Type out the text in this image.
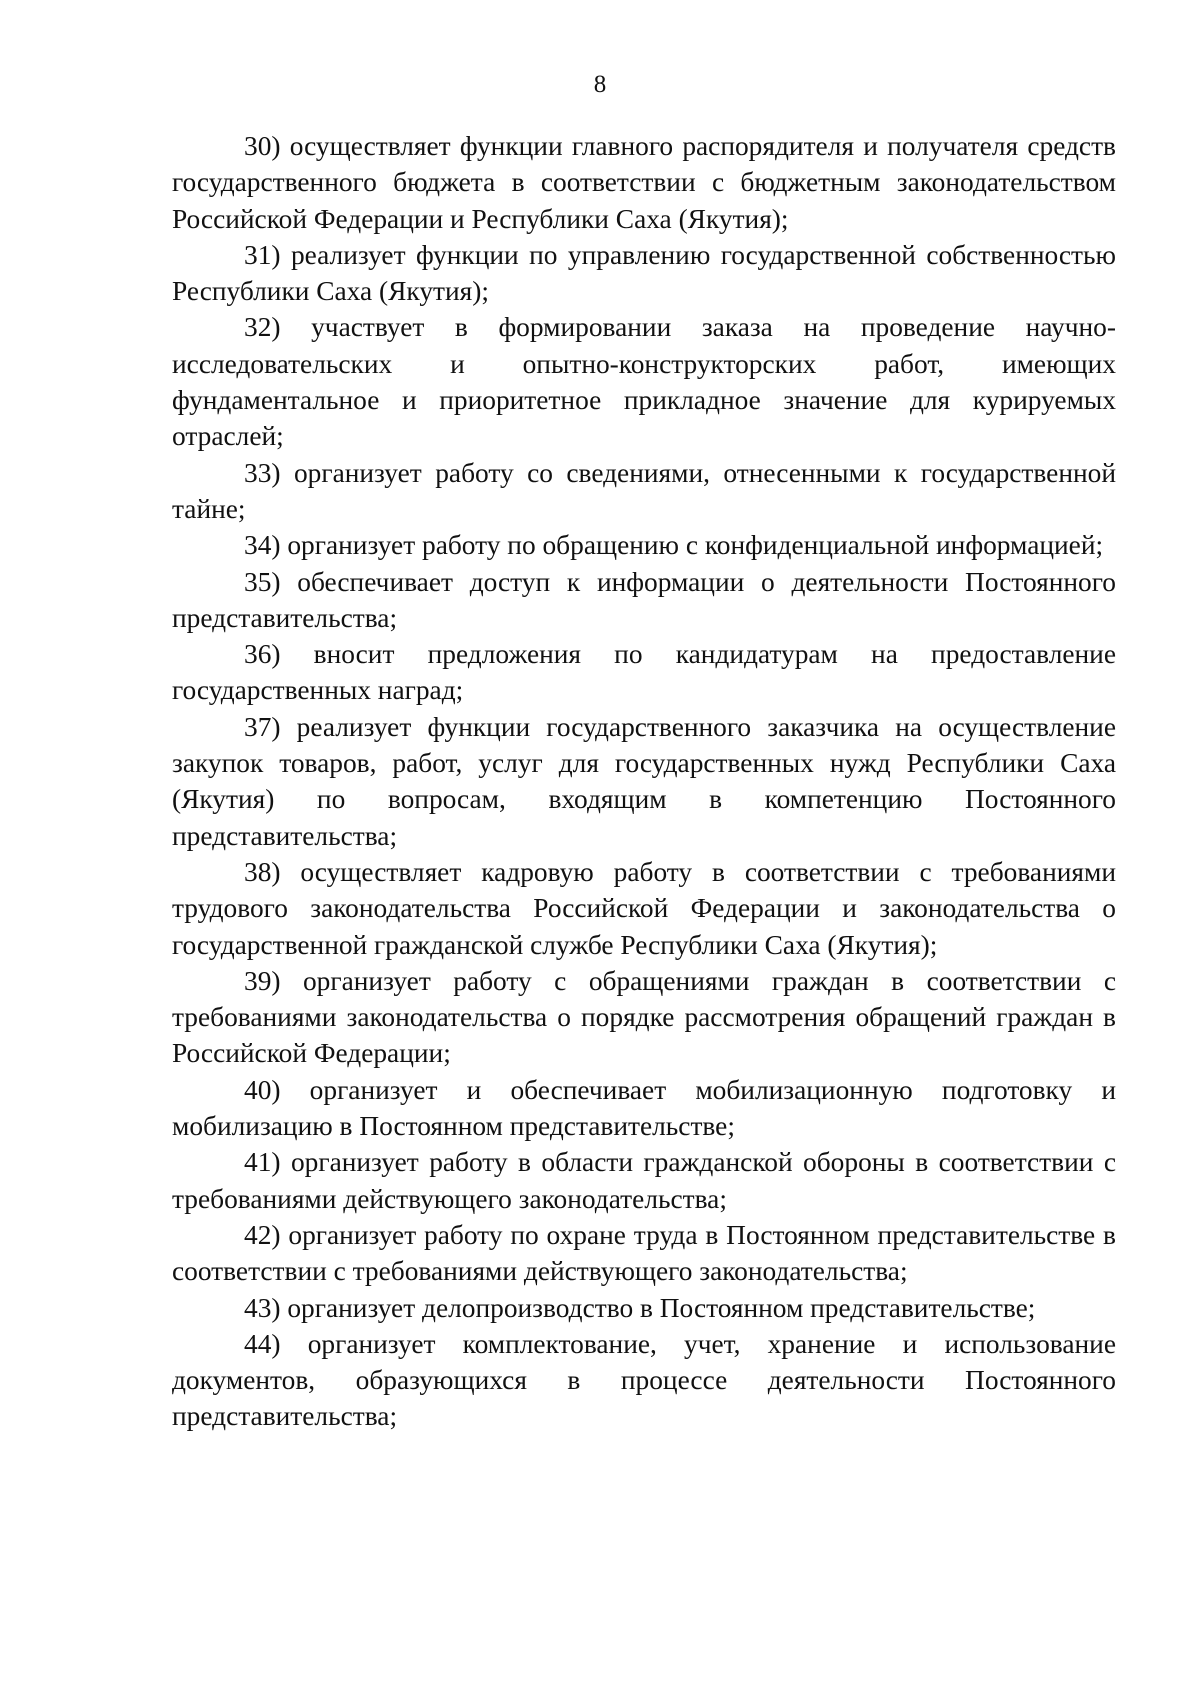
8

30) осуществляет функции главного распорядителя и получателя средств государственного бюджета в соответствии с бюджетным законодательством Российской Федерации и Республики Саха (Якутия);

31) реализует функции по управлению государственной собственностью Республики Саха (Якутия);

32) участвует в формировании заказа на проведение научно-исследовательских и опытно-конструкторских работ, имеющих фундаментальное и приоритетное прикладное значение для курируемых отраслей;

33) организует работу со сведениями, отнесенными к государственной тайне;

34) организует работу по обращению с конфиденциальной информацией;

35) обеспечивает доступ к информации о деятельности Постоянного представительства;

36) вносит предложения по кандидатурам на предоставление государственных наград;

37) реализует функции государственного заказчика на осуществление закупок товаров, работ, услуг для государственных нужд Республики Саха (Якутия) по вопросам, входящим в компетенцию Постоянного представительства;

38) осуществляет кадровую работу в соответствии с требованиями трудового законодательства Российской Федерации и законодательства о государственной гражданской службе Республики Саха (Якутия);

39) организует работу с обращениями граждан в соответствии с требованиями законодательства о порядке рассмотрения обращений граждан в Российской Федерации;

40) организует и обеспечивает мобилизационную подготовку и мобилизацию в Постоянном представительстве;

41) организует работу в области гражданской обороны в соответствии с требованиями действующего законодательства;

42) организует работу по охране труда в Постоянном представительстве в соответствии с требованиями действующего законодательства;

43) организует делопроизводство в Постоянном представительстве;

44) организует комплектование, учет, хранение и использование документов, образующихся в процессе деятельности Постоянного представительства;
